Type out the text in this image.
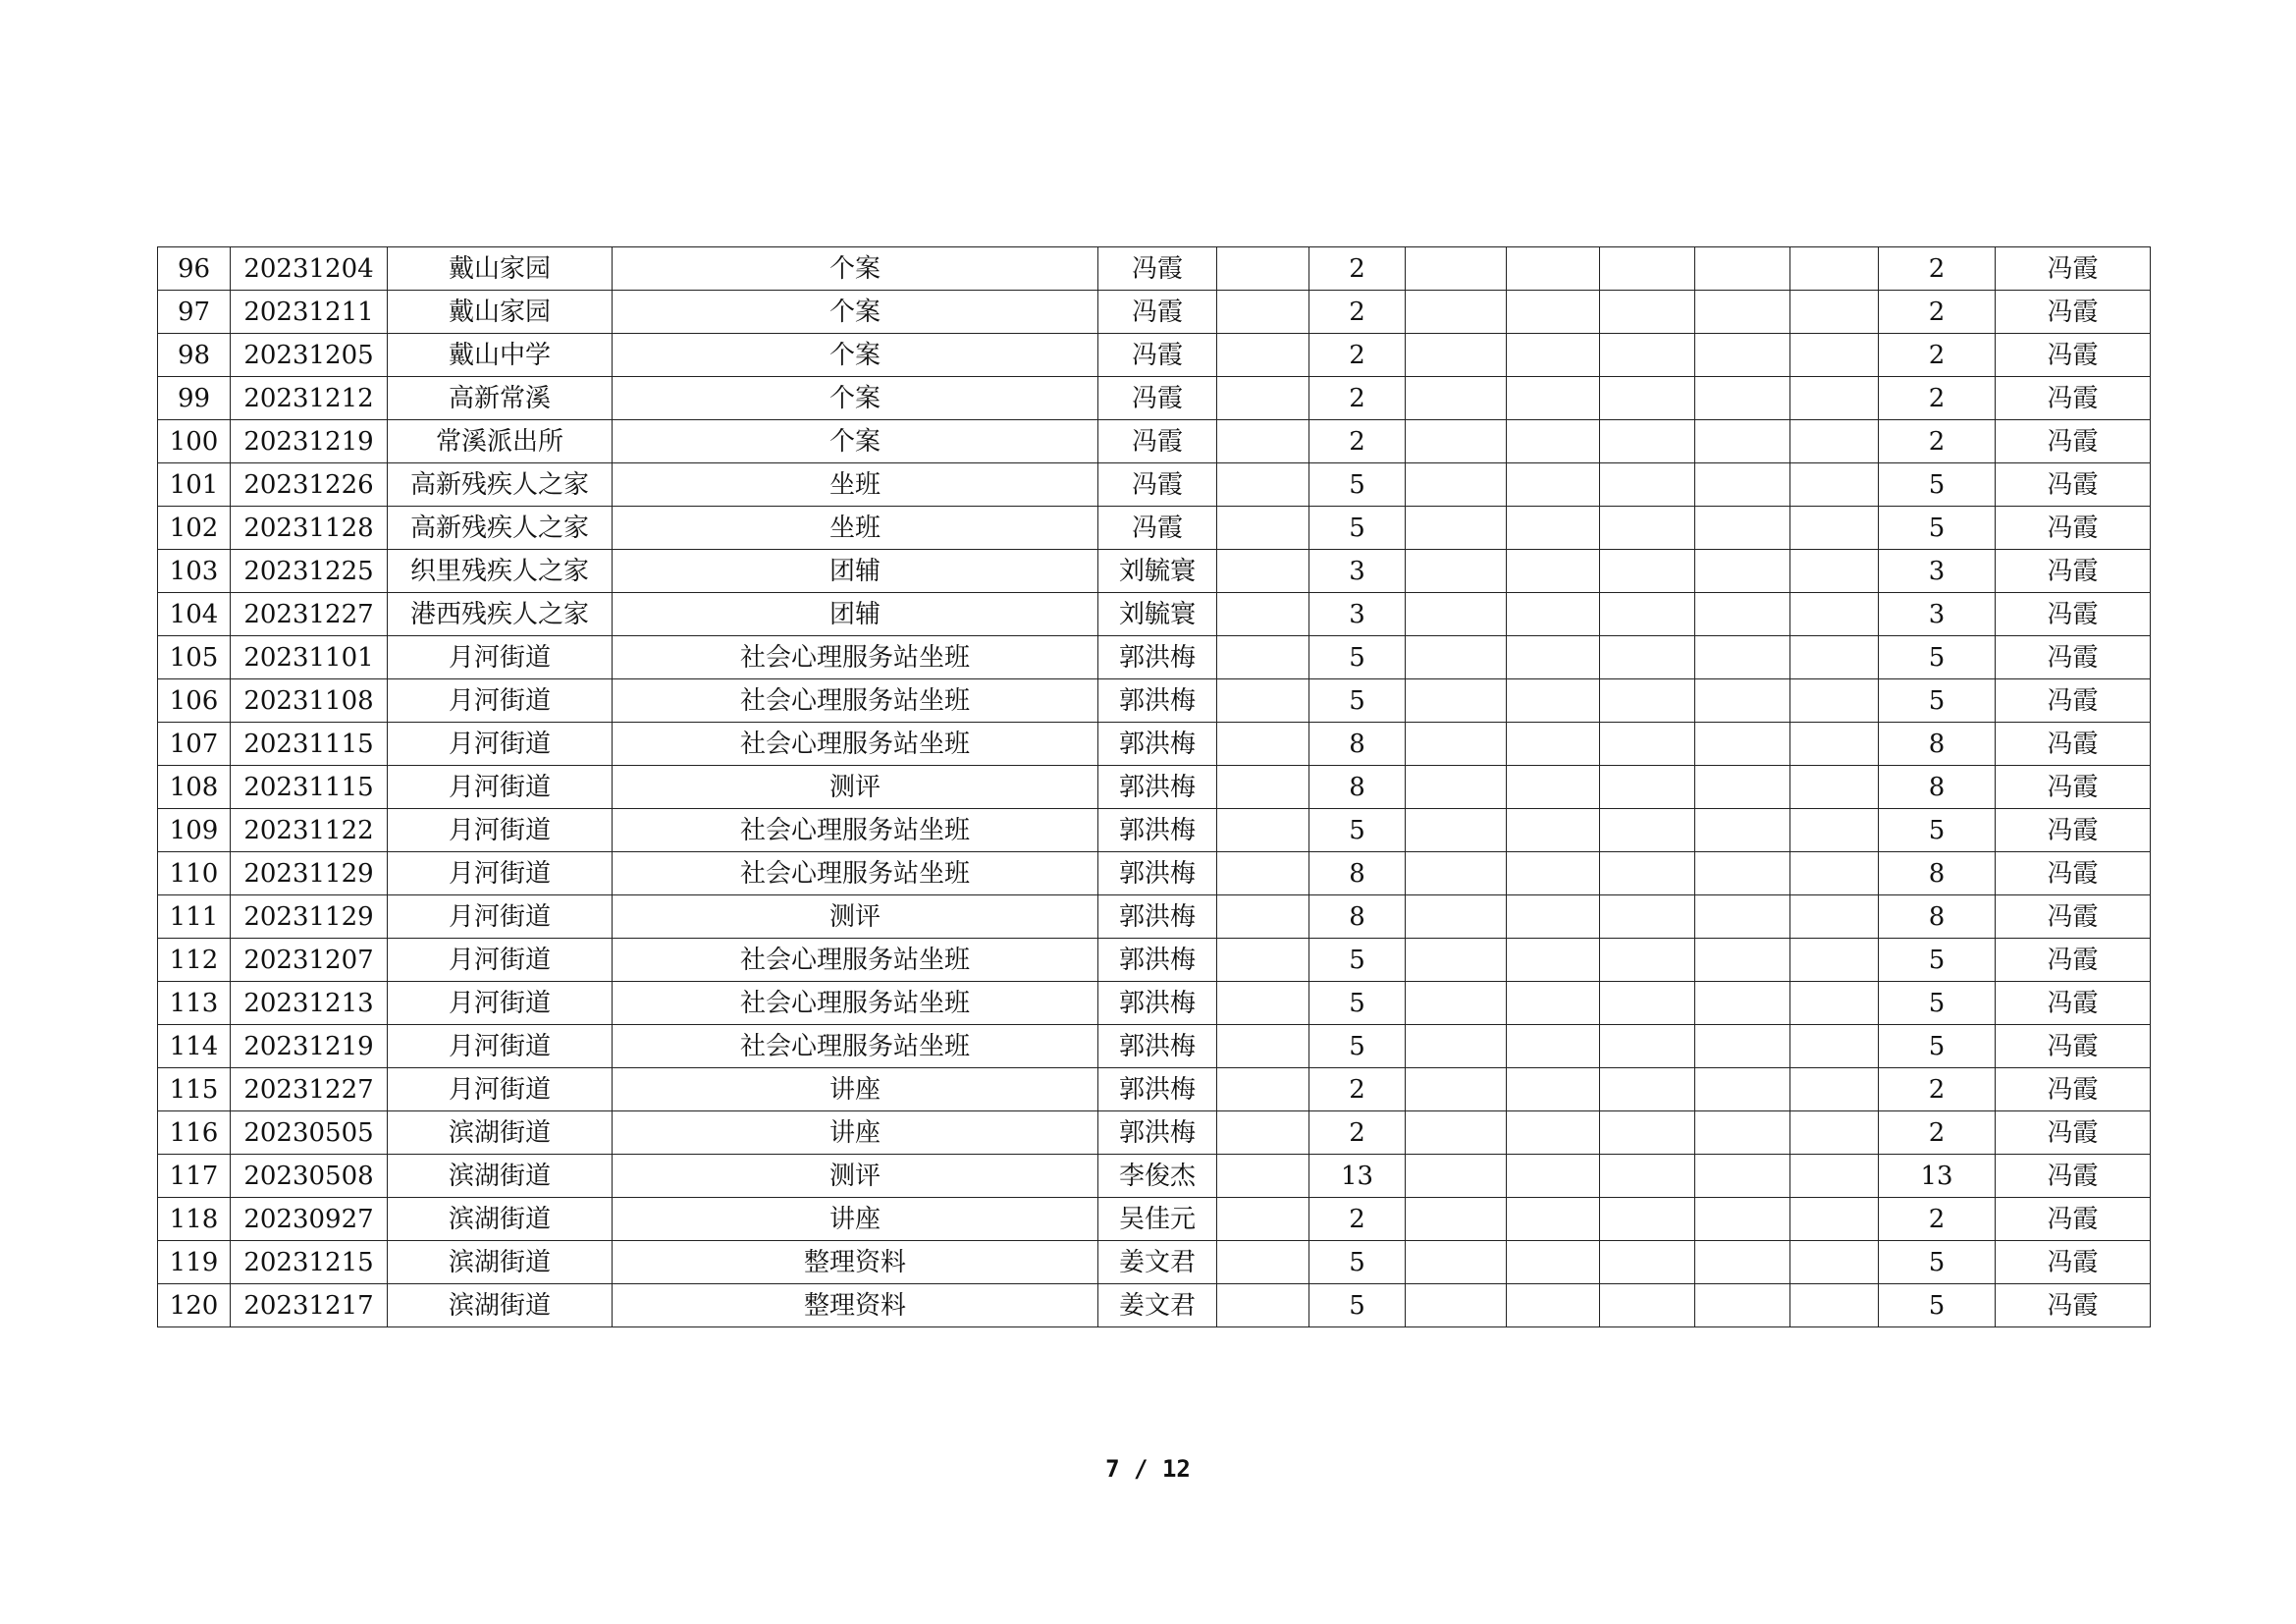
96	20231204	戴山家园	个案	冯霞		2						2	冯霞
97	20231211	戴山家园	个案	冯霞		2						2	冯霞
98	20231205	戴山中学	个案	冯霞		2						2	冯霞
99	20231212	高新常溪	个案	冯霞		2						2	冯霞
100	20231219	常溪派出所	个案	冯霞		2						2	冯霞
101	20231226	高新残疾人之家	坐班	冯霞		5						5	冯霞
102	20231128	高新残疾人之家	坐班	冯霞		5						5	冯霞
103	20231225	织里残疾人之家	团辅	刘毓寰		3						3	冯霞
104	20231227	港西残疾人之家	团辅	刘毓寰		3						3	冯霞
105	20231101	月河街道	社会心理服务站坐班	郭洪梅		5						5	冯霞
106	20231108	月河街道	社会心理服务站坐班	郭洪梅		5						5	冯霞
107	20231115	月河街道	社会心理服务站坐班	郭洪梅		8						8	冯霞
108	20231115	月河街道	测评	郭洪梅		8						8	冯霞
109	20231122	月河街道	社会心理服务站坐班	郭洪梅		5						5	冯霞
110	20231129	月河街道	社会心理服务站坐班	郭洪梅		8						8	冯霞
111	20231129	月河街道	测评	郭洪梅		8						8	冯霞
112	20231207	月河街道	社会心理服务站坐班	郭洪梅		5						5	冯霞
113	20231213	月河街道	社会心理服务站坐班	郭洪梅		5						5	冯霞
114	20231219	月河街道	社会心理服务站坐班	郭洪梅		5						5	冯霞
115	20231227	月河街道	讲座	郭洪梅		2						2	冯霞
116	20230505	滨湖街道	讲座	郭洪梅		2						2	冯霞
117	20230508	滨湖街道	测评	李俊杰		13						13	冯霞
118	20230927	滨湖街道	讲座	吴佳元		2						2	冯霞
119	20231215	滨湖街道	整理资料	姜文君		5						5	冯霞
120	20231217	滨湖街道	整理资料	姜文君		5						5	冯霞
7 / 12
